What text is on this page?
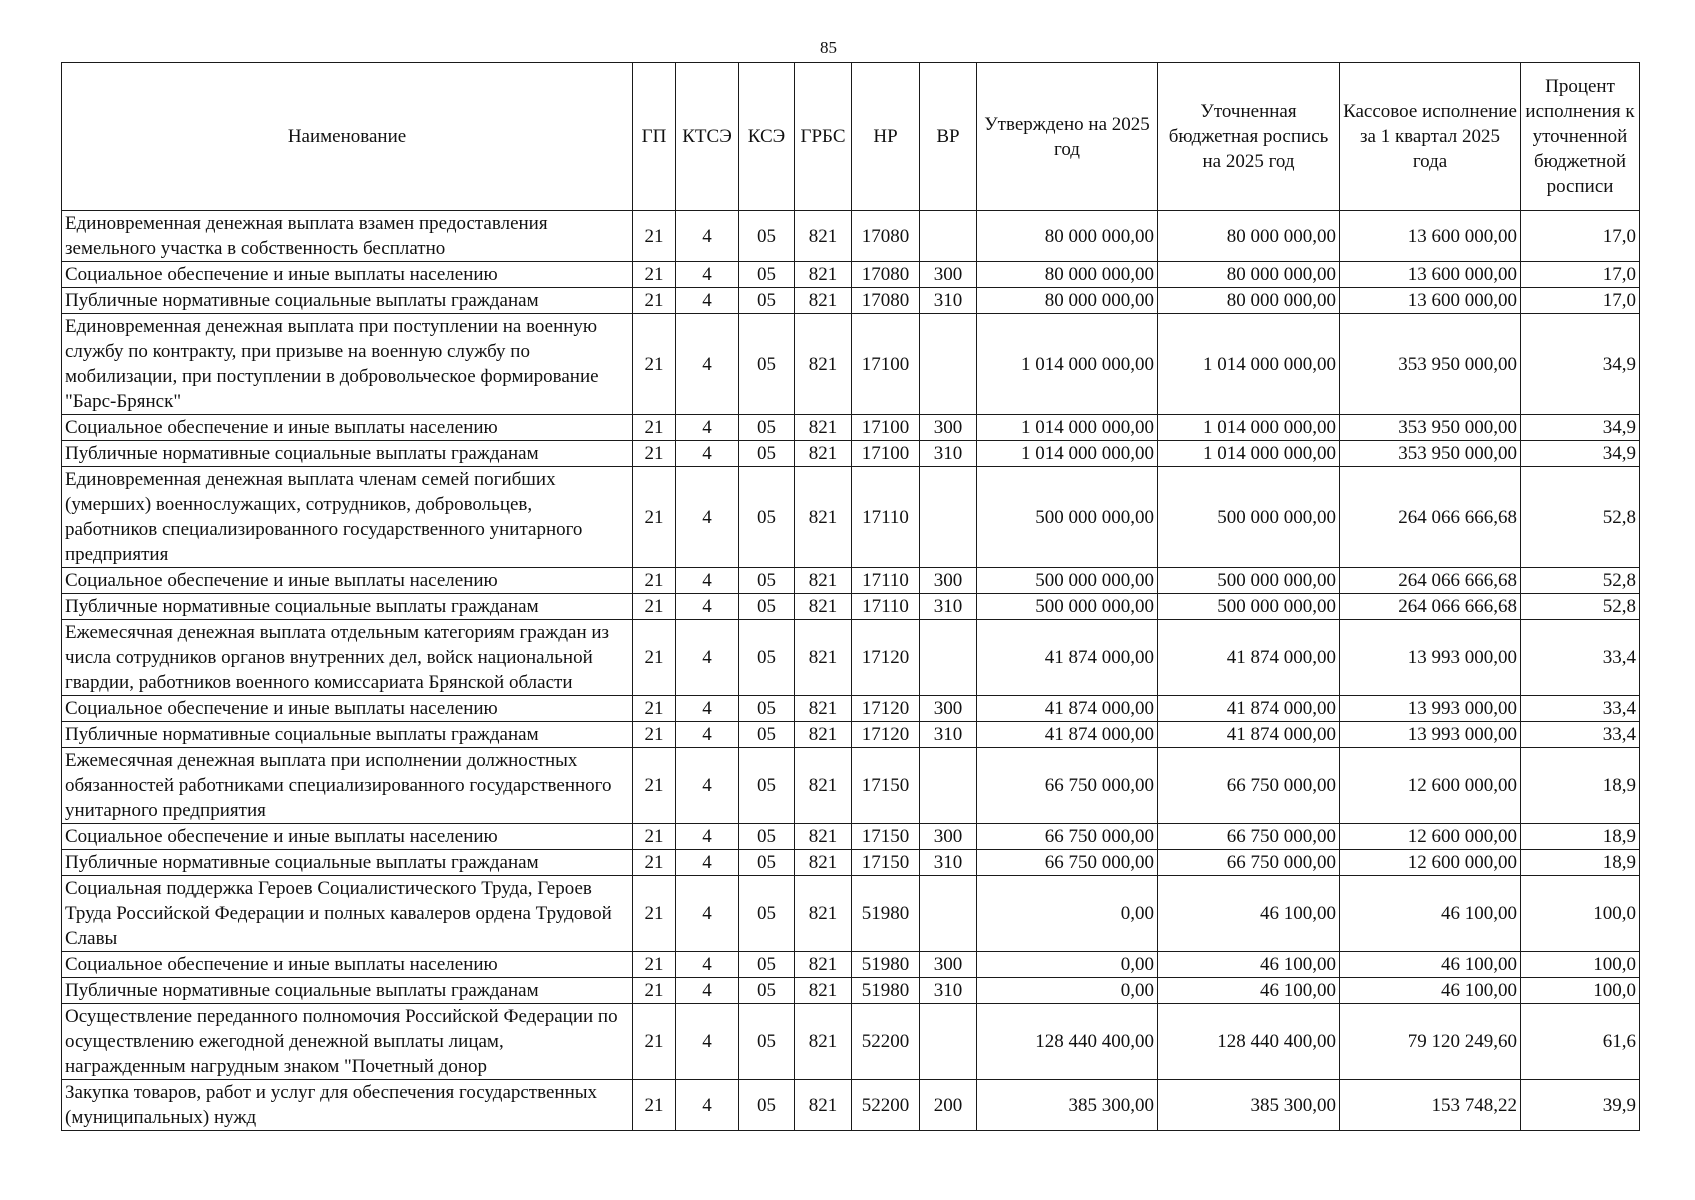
85
Наименование	ГП	КТСЭ	КСЭ	ГРБС	НР	ВР	Утверждено на 2025 год	Уточненная бюджетная роспись на 2025 год	Кассовое исполнение за 1 квартал 2025 года	Процент исполнения к уточненной бюджетной росписи
Единовременная денежная выплата взамен предоставления земельного участка в собственность бесплатно	21	4	05	821	17080		80 000 000,00	80 000 000,00	13 600 000,00	17,0
Социальное обеспечение и иные выплаты населению	21	4	05	821	17080	300	80 000 000,00	80 000 000,00	13 600 000,00	17,0
Публичные нормативные социальные выплаты гражданам	21	4	05	821	17080	310	80 000 000,00	80 000 000,00	13 600 000,00	17,0
Единовременная денежная выплата при поступлении на военную службу по контракту, при призыве на военную службу по мобилизации, при поступлении в добровольческое формирование "Барс-Брянск"	21	4	05	821	17100		1 014 000 000,00	1 014 000 000,00	353 950 000,00	34,9
Социальное обеспечение и иные выплаты населению	21	4	05	821	17100	300	1 014 000 000,00	1 014 000 000,00	353 950 000,00	34,9
Публичные нормативные социальные выплаты гражданам	21	4	05	821	17100	310	1 014 000 000,00	1 014 000 000,00	353 950 000,00	34,9
Единовременная денежная выплата членам семей погибших (умерших) военнослужащих, сотрудников, добровольцев, работников специализированного государственного унитарного предприятия	21	4	05	821	17110		500 000 000,00	500 000 000,00	264 066 666,68	52,8
Социальное обеспечение и иные выплаты населению	21	4	05	821	17110	300	500 000 000,00	500 000 000,00	264 066 666,68	52,8
Публичные нормативные социальные выплаты гражданам	21	4	05	821	17110	310	500 000 000,00	500 000 000,00	264 066 666,68	52,8
Ежемесячная денежная выплата отдельным категориям граждан из числа сотрудников органов внутренних дел, войск национальной гвардии, работников военного комиссариата Брянской области	21	4	05	821	17120		41 874 000,00	41 874 000,00	13 993 000,00	33,4
Социальное обеспечение и иные выплаты населению	21	4	05	821	17120	300	41 874 000,00	41 874 000,00	13 993 000,00	33,4
Публичные нормативные социальные выплаты гражданам	21	4	05	821	17120	310	41 874 000,00	41 874 000,00	13 993 000,00	33,4
Ежемесячная денежная выплата при исполнении должностных обязанностей работниками специализированного государственного унитарного предприятия	21	4	05	821	17150		66 750 000,00	66 750 000,00	12 600 000,00	18,9
Социальное обеспечение и иные выплаты населению	21	4	05	821	17150	300	66 750 000,00	66 750 000,00	12 600 000,00	18,9
Публичные нормативные социальные выплаты гражданам	21	4	05	821	17150	310	66 750 000,00	66 750 000,00	12 600 000,00	18,9
Социальная поддержка Героев Социалистического Труда, Героев Труда Российской Федерации и полных кавалеров ордена Трудовой Славы	21	4	05	821	51980		0,00	46 100,00	46 100,00	100,0
Социальное обеспечение и иные выплаты населению	21	4	05	821	51980	300	0,00	46 100,00	46 100,00	100,0
Публичные нормативные социальные выплаты гражданам	21	4	05	821	51980	310	0,00	46 100,00	46 100,00	100,0
Осуществление переданного полномочия Российской Федерации по осуществлению ежегодной денежной выплаты лицам, награжденным нагрудным знаком "Почетный донор	21	4	05	821	52200		128 440 400,00	128 440 400,00	79 120 249,60	61,6
Закупка товаров, работ и услуг для обеспечения государственных (муниципальных) нужд	21	4	05	821	52200	200	385 300,00	385 300,00	153 748,22	39,9
